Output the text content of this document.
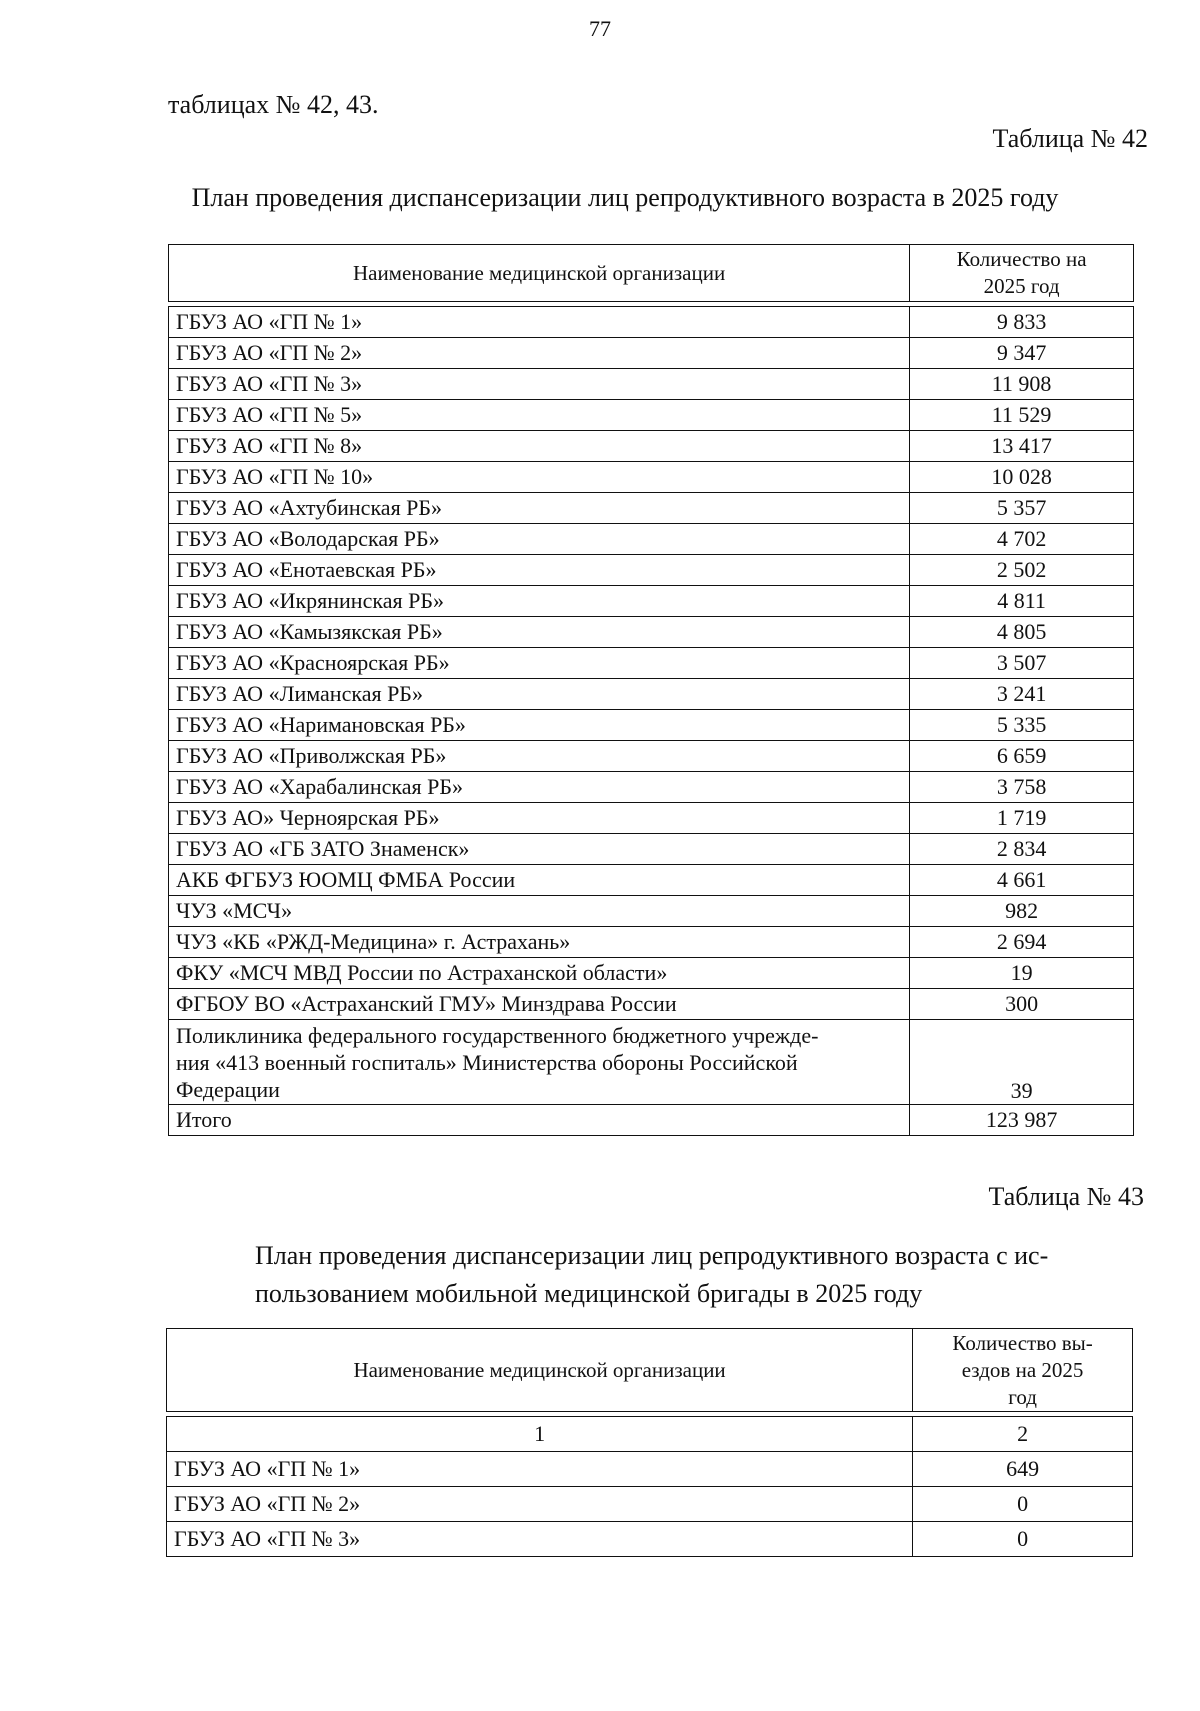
77
таблицах № 42, 43.
Таблица № 42
План проведения диспансеризации лиц репродуктивного возраста в 2025 году
Наименование медицинской организации	Количество на
2025 год

ГБУЗ АО «ГП № 1»	9 833
ГБУЗ АО «ГП № 2»	9 347
ГБУЗ АО «ГП № 3»	11 908
ГБУЗ АО «ГП № 5»	11 529
ГБУЗ АО «ГП № 8»	13 417
ГБУЗ АО «ГП № 10»	10 028
ГБУЗ АО «Ахтубинская РБ»	5 357
ГБУЗ АО «Володарская РБ»	4 702
ГБУЗ АО «Енотаевская РБ»	2 502
ГБУЗ АО «Икрянинская РБ»	4 811
ГБУЗ АО «Камызякская РБ»	4 805
ГБУЗ АО «Красноярская РБ»	3 507
ГБУЗ АО «Лиманская РБ»	3 241
ГБУЗ АО «Наримановская РБ»	5 335
ГБУЗ АО «Приволжская РБ»	6 659
ГБУЗ АО «Харабалинская РБ»	3 758
ГБУЗ АО» Черноярская РБ»	1 719
ГБУЗ АО «ГБ ЗАТО Знаменск»	2 834
АКБ ФГБУЗ ЮОМЦ ФМБА России	4 661
ЧУЗ «МСЧ»	982
ЧУЗ «КБ «РЖД-Медицина» г. Астрахань»	2 694
ФКУ «МСЧ МВД России по Астраханской области»	19
ФГБОУ ВО «Астраханский ГМУ» Минздрава России	300
Поликлиника федерального государственного бюджетного учрежде-
ния «413 военный госпиталь» Министерства обороны Российской
Федерации	39
Итого	123 987
Таблица № 43
План проведения диспансеризации лиц репродуктивного возраста с ис-
пользованием мобильной медицинской бригады в 2025 году
Наименование медицинской организации	Количество вы-
ездов на 2025
год

1	2
ГБУЗ АО «ГП № 1»	649
ГБУЗ АО «ГП № 2»	0
ГБУЗ АО «ГП № 3»	0
